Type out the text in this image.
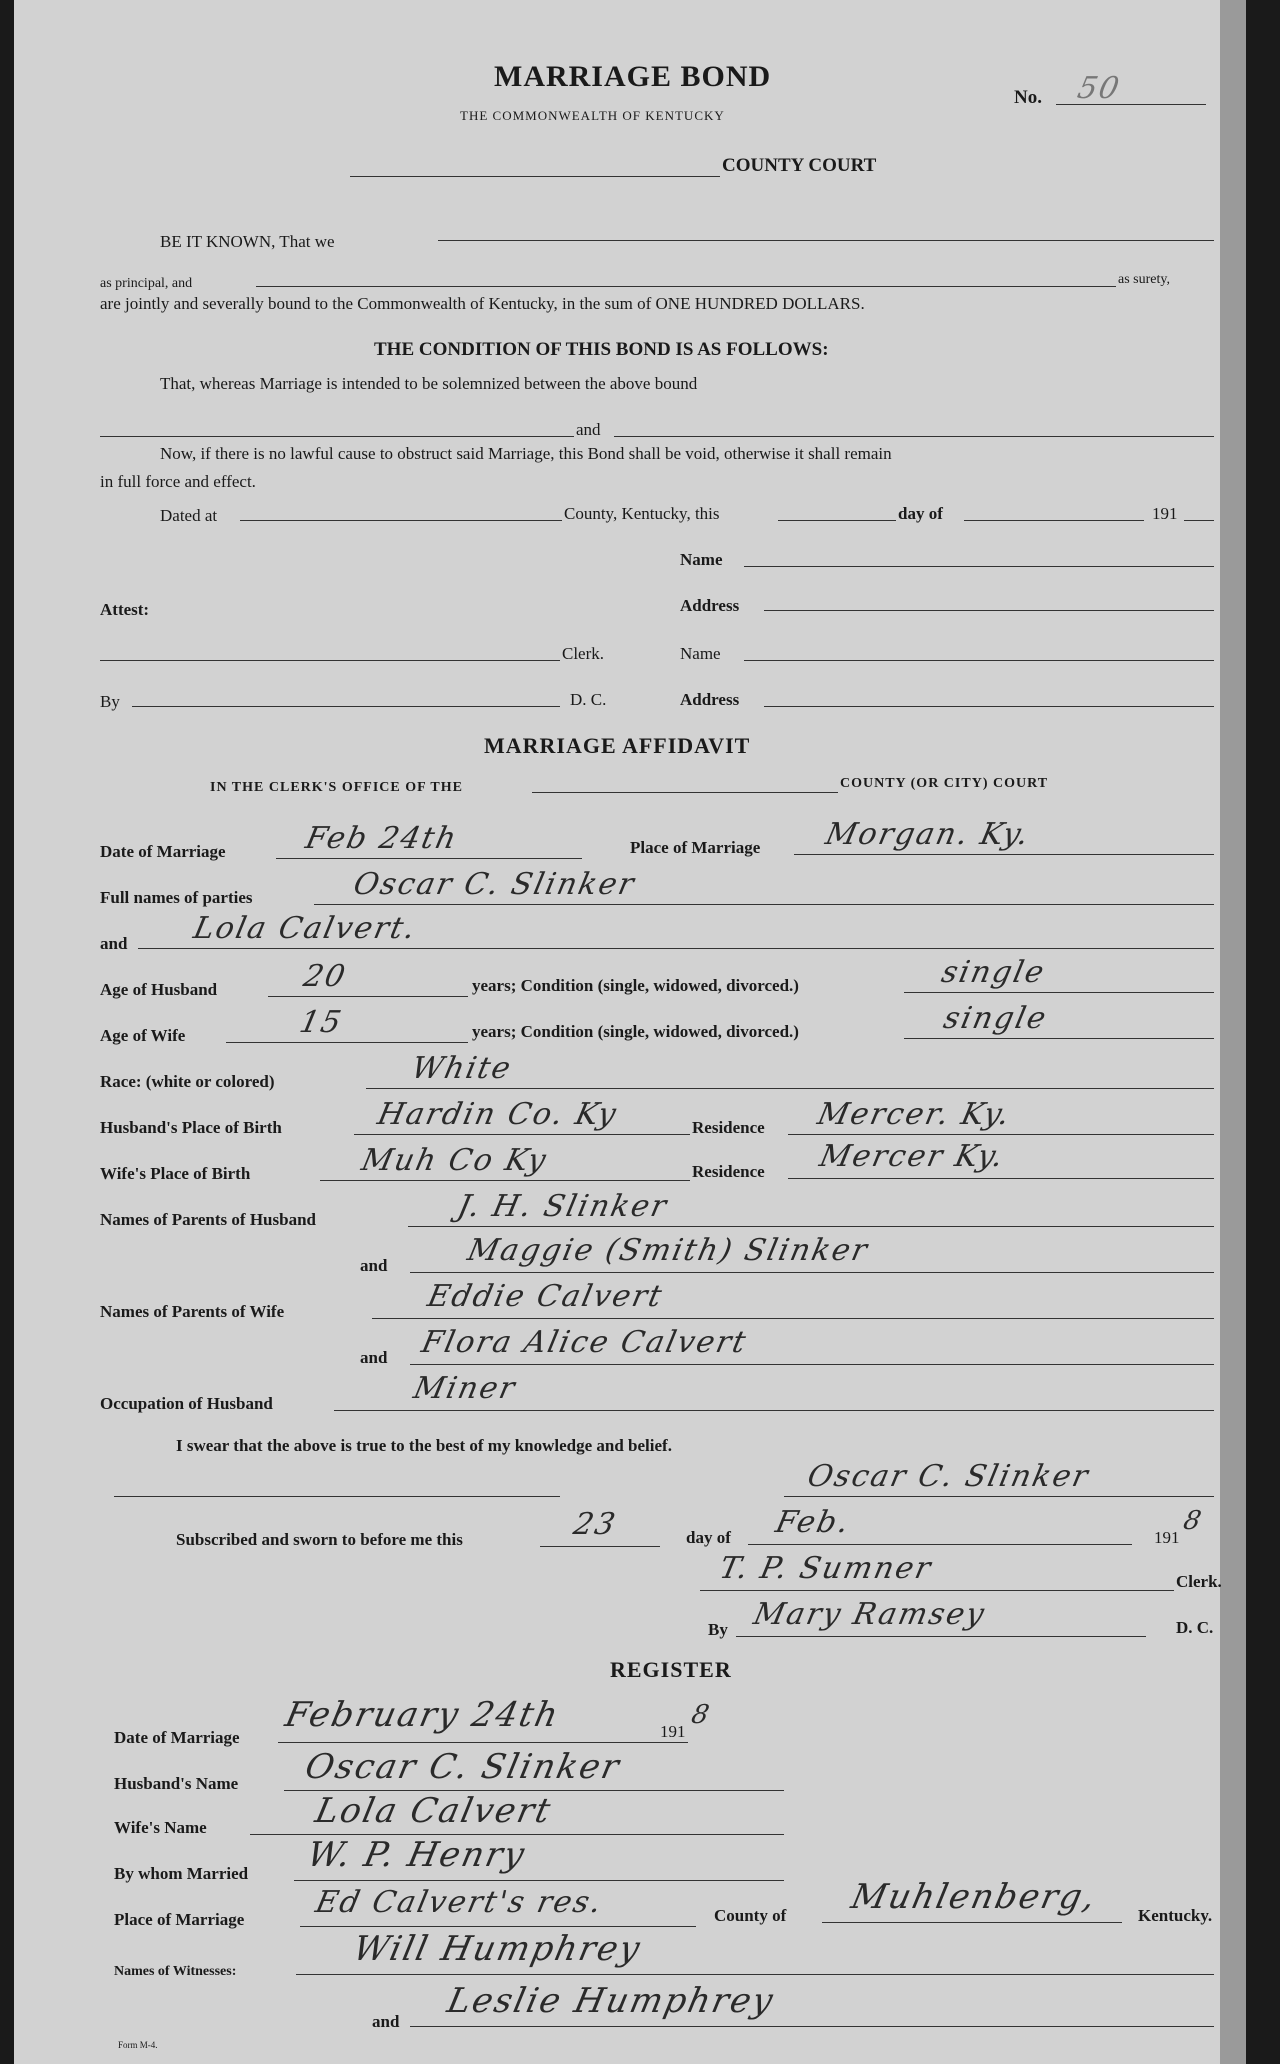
MARRIAGE BOND
THE COMMONWEALTH OF KENTUCKY
No. 50
COUNTY COURT
BE IT KNOWN, That we
as principal, and	as surety,
are jointly and severally bound to the Commonwealth of Kentucky, in the sum of ONE HUNDRED DOLLARS.
THE CONDITION OF THIS BOND IS AS FOLLOWS:
That, whereas Marriage is intended to be solemnized between the above bound
and
Now, if there is no lawful cause to obstruct said Marriage, this Bond shall be void, otherwise it shall remain
in full force and effect.
Dated at	County, Kentucky, this	day of	191
Name
Attest:	Address
Clerk.	Name
By	D. C.	Address
MARRIAGE AFFIDAVIT
IN THE CLERK'S OFFICE OF THE	COUNTY (OR CITY) COURT
Date of Marriage	Feb 24th	Place of Marriage Morgan. Ky.
Full names of parties	Oscar C. Slinker
and Lola Calvert.
Age of Husband	20	years; Condition (single, widowed, divorced.)	single
Age of Wife	15	years; Condition (single, widowed, divorced.)	single
Race: (white or colored)	White
Husband's Place of Birth	Hardin Co. Ky	Residence Mercer. Ky.
Wife's Place of Birth	Muh Co Ky	Residence Mercer Ky.
Names of Parents of Husband	J. H. Slinker
and	Maggie (Smith) Slinker
Names of Parents of Wife	Eddie Calvert
and Flora Alice Calvert
Occupation of Husband	Miner
I swear that the above is true to the best of my knowledge and belief.
Oscar C. Slinker
Subscribed and sworn to before me this	23	day of Feb.	191
8
T. P. Sumner	Clerk.
By Mary Ramsey	D. C.
REGISTER
Date of Marriage
February 24th	191
8
Husband's Name Oscar C. Slinker
Wife's Name	Lola Calvert
By whom Married W. P. Henry
Place of Marriage Ed Calvert's res.	County of Muhlenberg, Kentucky.
Names of Witnesses:
Will Humphrey
and
Leslie Humphrey
Form M-4.
